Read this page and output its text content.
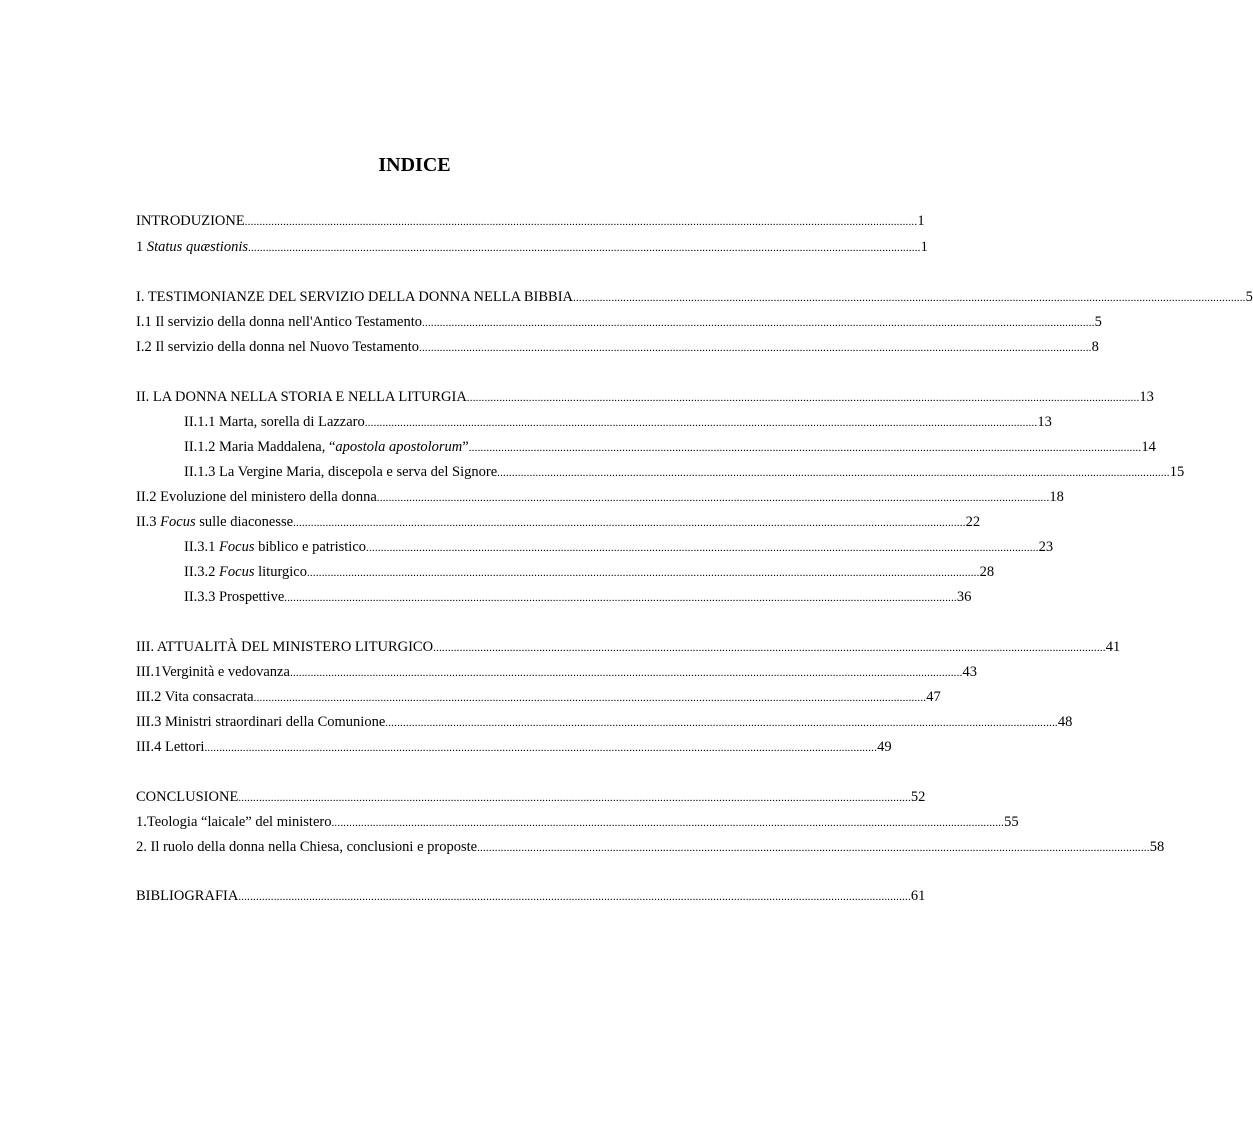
INDICE
INTRODUZIONE .................................................................................................................................................................................................................................... 1
1 Status quæstionis .................................................................................................................................................................................................................................... 1
I. TESTIMONIANZE DEL SERVIZIO DELLA DONNA NELLA BIBBIA .................................................................................................................................................................................................................................... 5
I.1 Il servizio della donna nell'Antico Testamento .................................................................................................................................................................................................................................... 5
I.2 Il servizio della donna nel Nuovo Testamento .................................................................................................................................................................................................................................... 8
II. LA DONNA NELLA STORIA E NELLA LITURGIA .................................................................................................................................................................................................................................... 13
II.1.1 Marta, sorella di Lazzaro .................................................................................................................................................................................................................................... 13
II.1.2 Maria Maddalena, “apostola apostolorum” .................................................................................................................................................................................................................................... 14
II.1.3 La Vergine Maria, discepola e serva del Signore .................................................................................................................................................................................................................................... 15
II.2 Evoluzione del ministero della donna .................................................................................................................................................................................................................................... 18
II.3 Focus sulle diaconesse .................................................................................................................................................................................................................................... 22
II.3.1 Focus biblico e patristico .................................................................................................................................................................................................................................... 23
II.3.2 Focus liturgico .................................................................................................................................................................................................................................... 28
II.3.3 Prospettive .................................................................................................................................................................................................................................... 36
III. ATTUALITÀ DEL MINISTERO LITURGICO .................................................................................................................................................................................................................................... 41
III.1Verginità e vedovanza .................................................................................................................................................................................................................................... 43
III.2 Vita consacrata .................................................................................................................................................................................................................................... 47
III.3 Ministri straordinari della Comunione .................................................................................................................................................................................................................................... 48
III.4 Lettori .................................................................................................................................................................................................................................... 49
CONCLUSIONE .................................................................................................................................................................................................................................... 52
1.Teologia “laicale” del ministero .................................................................................................................................................................................................................................... 55
2. Il ruolo della donna nella Chiesa, conclusioni e proposte .................................................................................................................................................................................................................................... 58
BIBLIOGRAFIA .................................................................................................................................................................................................................................... 61
